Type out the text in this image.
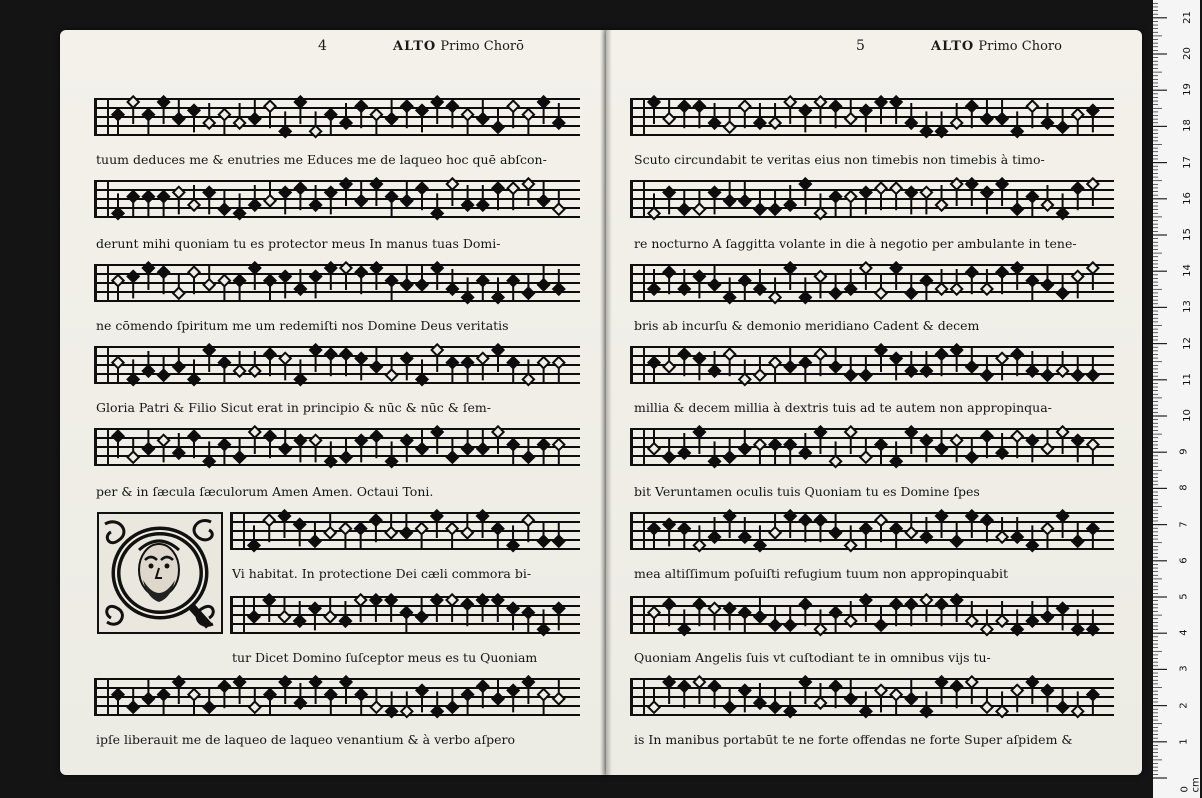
4	ALTO Primo Chorō	5	ALTO Primo Choro
tuum deduces me & enutries me Educes me de laqueo hoc quē abſcon-
derunt mihi quoniam tu es protector meus In manus tuas Domi-
ne cōmendo ſpiritum me um redemiſti nos Domine Deus veritatis
Gloria Patri & Filio Sicut erat in principio & nūc & nūc & ſem-
per & in ſæcula ſæculorum Amen Amen. Octaui Toni.
Vi habitat. In protectione Dei cæli commora bi-
tur Dicet Domino ſuſceptor meus es tu Quoniam
ipſe liberauit me de laqueo de laqueo venantium & à verbo aſpero
Scuto circundabit te veritas eius non timebis non timebis à timo-
re nocturno A ſaggitta volante in die à negotio per ambulante in tene-
bris ab incurſu & demonio meridiano Cadent & decem
millia & decem millia à dextris tuis ad te autem non appropinqua-
bit Veruntamen oculis tuis Quoniam tu es Domine ſpes
mea altiſſimum poſuiſti refugium tuum non appropinquabit
Quoniam Angelis ſuis vt cuſtodiant te in omnibus vijs tu-
is In manibus portabūt te ne forte offendas ne forte Super aſpidem &
0 cm
1
2
3
4
5
6
7
8
9
10
11
12
13
14
15
16
17
18
19
20
21
